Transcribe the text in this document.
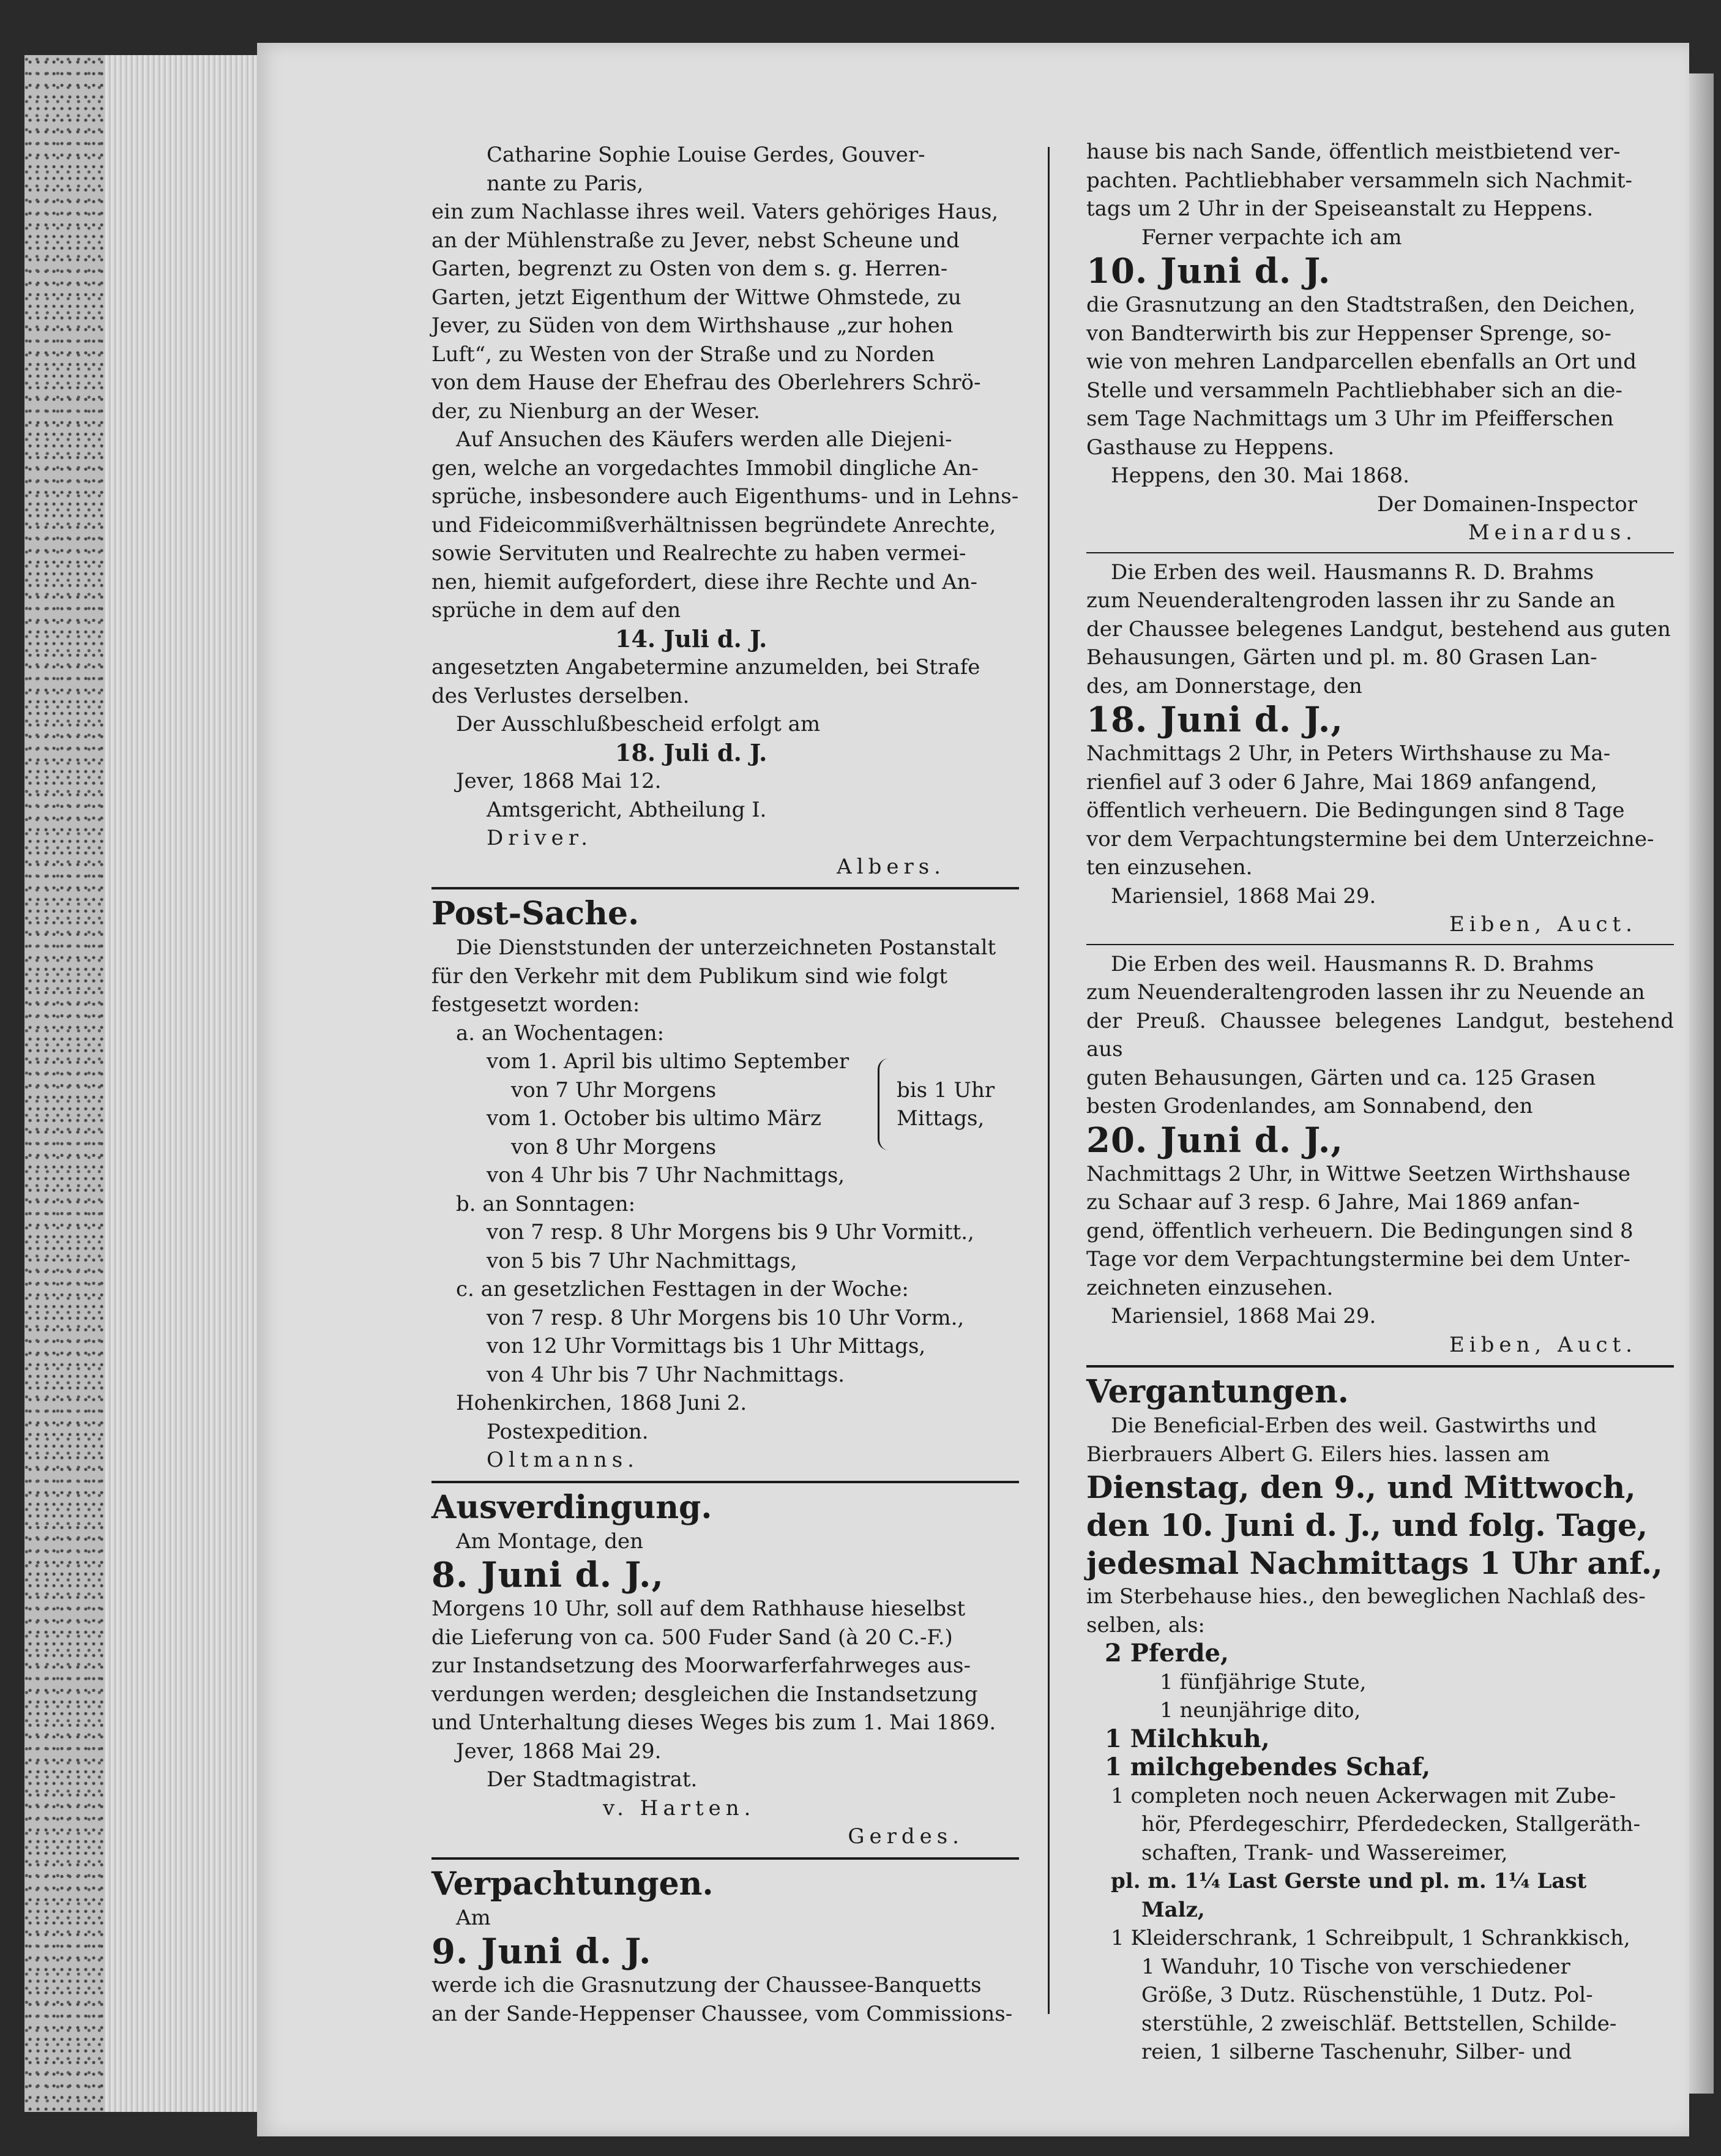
Catharine Sophie Louise Gerdes, Gouver-

nante zu Paris,

ein zum Nachlasse ihres weil. Vaters gehöriges Haus,

an der Mühlenstraße zu Jever, nebst Scheune und

Garten, begrenzt zu Osten von dem s. g. Herren-

Garten, jetzt Eigenthum der Wittwe Ohmstede, zu

Jever, zu Süden von dem Wirthshause „zur hohen

Luft“, zu Westen von der Straße und zu Norden

von dem Hause der Ehefrau des Oberlehrers Schrö-

der, zu Nienburg an der Weser.

Auf Ansuchen des Käufers werden alle Diejeni-

gen, welche an vorgedachtes Immobil dingliche An-

sprüche, insbesondere auch Eigenthums- und in Lehns-

und Fideicommißverhältnissen begründete Anrechte,

sowie Servituten und Realrechte zu haben vermei-

nen, hiemit aufgefordert, diese ihre Rechte und An-

sprüche in dem auf den

14. Juli d. J.

angesetzten Angabetermine anzumelden, bei Strafe

des Verlustes derselben.

Der Ausschlußbescheid erfolgt am

18. Juli d. J.

Jever, 1868 Mai 12.

Amtsgericht, Abtheilung I.

Driver.

Albers.

Post-Sache.

Die Dienststunden der unterzeichneten Postanstalt

für den Verkehr mit dem Publikum sind wie folgt

festgesetzt worden:

a. an Wochentagen:

vom 1. April bis ultimo September

von 7 Uhr Morgens

vom 1. October bis ultimo März

von 8 Uhr Morgens

bis 1 Uhr

Mittags,

von 4 Uhr bis 7 Uhr Nachmittags,

b. an Sonntagen:

von 7 resp. 8 Uhr Morgens bis 9 Uhr Vormitt.,

von 5 bis 7 Uhr Nachmittags,

c. an gesetzlichen Festtagen in der Woche:

von 7 resp. 8 Uhr Morgens bis 10 Uhr Vorm.,

von 12 Uhr Vormittags bis 1 Uhr Mittags,

von 4 Uhr bis 7 Uhr Nachmittags.

Hohenkirchen, 1868 Juni 2.

Postexpedition.

Oltmanns.

Ausverdingung.

Am Montage, den

8. Juni d. J.,

Morgens 10 Uhr, soll auf dem Rathhause hieselbst

die Lieferung von ca. 500 Fuder Sand (à 20 C.-F.)

zur Instandsetzung des Moorwarferfahrweges aus-

verdungen werden; desgleichen die Instandsetzung

und Unterhaltung dieses Weges bis zum 1. Mai 1869.

Jever, 1868 Mai 29.

Der Stadtmagistrat.

v. Harten.

Gerdes.

Verpachtungen.

Am

9. Juni d. J.

werde ich die Grasnutzung der Chaussee-Banquetts

an der Sande-Heppenser Chaussee, vom Commissions-

hause bis nach Sande, öffentlich meistbietend ver-

pachten. Pachtliebhaber versammeln sich Nachmit-

tags um 2 Uhr in der Speiseanstalt zu Heppens.

Ferner verpachte ich am

10. Juni d. J.

die Grasnutzung an den Stadtstraßen, den Deichen,

von Bandterwirth bis zur Heppenser Sprenge, so-

wie von mehren Landparcellen ebenfalls an Ort und

Stelle und versammeln Pachtliebhaber sich an die-

sem Tage Nachmittags um 3 Uhr im Pfeifferschen

Gasthause zu Heppens.

Heppens, den 30. Mai 1868.

Der Domainen-Inspector

Meinardus.

Die Erben des weil. Hausmanns R. D. Brahms

zum Neuenderaltengroden lassen ihr zu Sande an

der Chaussee belegenes Landgut, bestehend aus guten

Behausungen, Gärten und pl. m. 80 Grasen Lan-

des, am Donnerstage, den

18. Juni d. J.,

Nachmittags 2 Uhr, in Peters Wirthshause zu Ma-

rienfiel auf 3 oder 6 Jahre, Mai 1869 anfangend,

öffentlich verheuern. Die Bedingungen sind 8 Tage

vor dem Verpachtungstermine bei dem Unterzeichne-

ten einzusehen.

Mariensiel, 1868 Mai 29.

Eiben, Auct.

Die Erben des weil. Hausmanns R. D. Brahms

zum Neuenderaltengroden lassen ihr zu Neuende an

der Preuß. Chaussee belegenes Landgut, bestehend aus

guten Behausungen, Gärten und ca. 125 Grasen

besten Grodenlandes, am Sonnabend, den

20. Juni d. J.,

Nachmittags 2 Uhr, in Wittwe Seetzen Wirthshause

zu Schaar auf 3 resp. 6 Jahre, Mai 1869 anfan-

gend, öffentlich verheuern. Die Bedingungen sind 8

Tage vor dem Verpachtungstermine bei dem Unter-

zeichneten einzusehen.

Mariensiel, 1868 Mai 29.

Eiben, Auct.

Vergantungen.

Die Beneficial-Erben des weil. Gastwirths und

Bierbrauers Albert G. Eilers hies. lassen am

Dienstag, den 9., und Mittwoch,

den 10. Juni d. J., und folg. Tage,

jedesmal Nachmittags 1 Uhr anf.,

im Sterbehause hies., den beweglichen Nachlaß des-

selben, als:

2 Pferde,

1 fünfjährige Stute,

1 neunjährige dito,

1 Milchkuh,

1 milchgebendes Schaf,

1 completen noch neuen Ackerwagen mit Zube-

hör, Pferdegeschirr, Pferdedecken, Stallgeräth-

schaften, Trank- und Wassereimer,

pl. m. 1¼ Last Gerste und pl. m. 1¼ Last

Malz,

1 Kleiderschrank, 1 Schreibpult, 1 Schrankkisch,

1 Wanduhr, 10 Tische von verschiedener

Größe, 3 Dutz. Rüschenstühle, 1 Dutz. Pol-

sterstühle, 2 zweischläf. Bettstellen, Schilde-

reien, 1 silberne Taschenuhr, Silber- und
